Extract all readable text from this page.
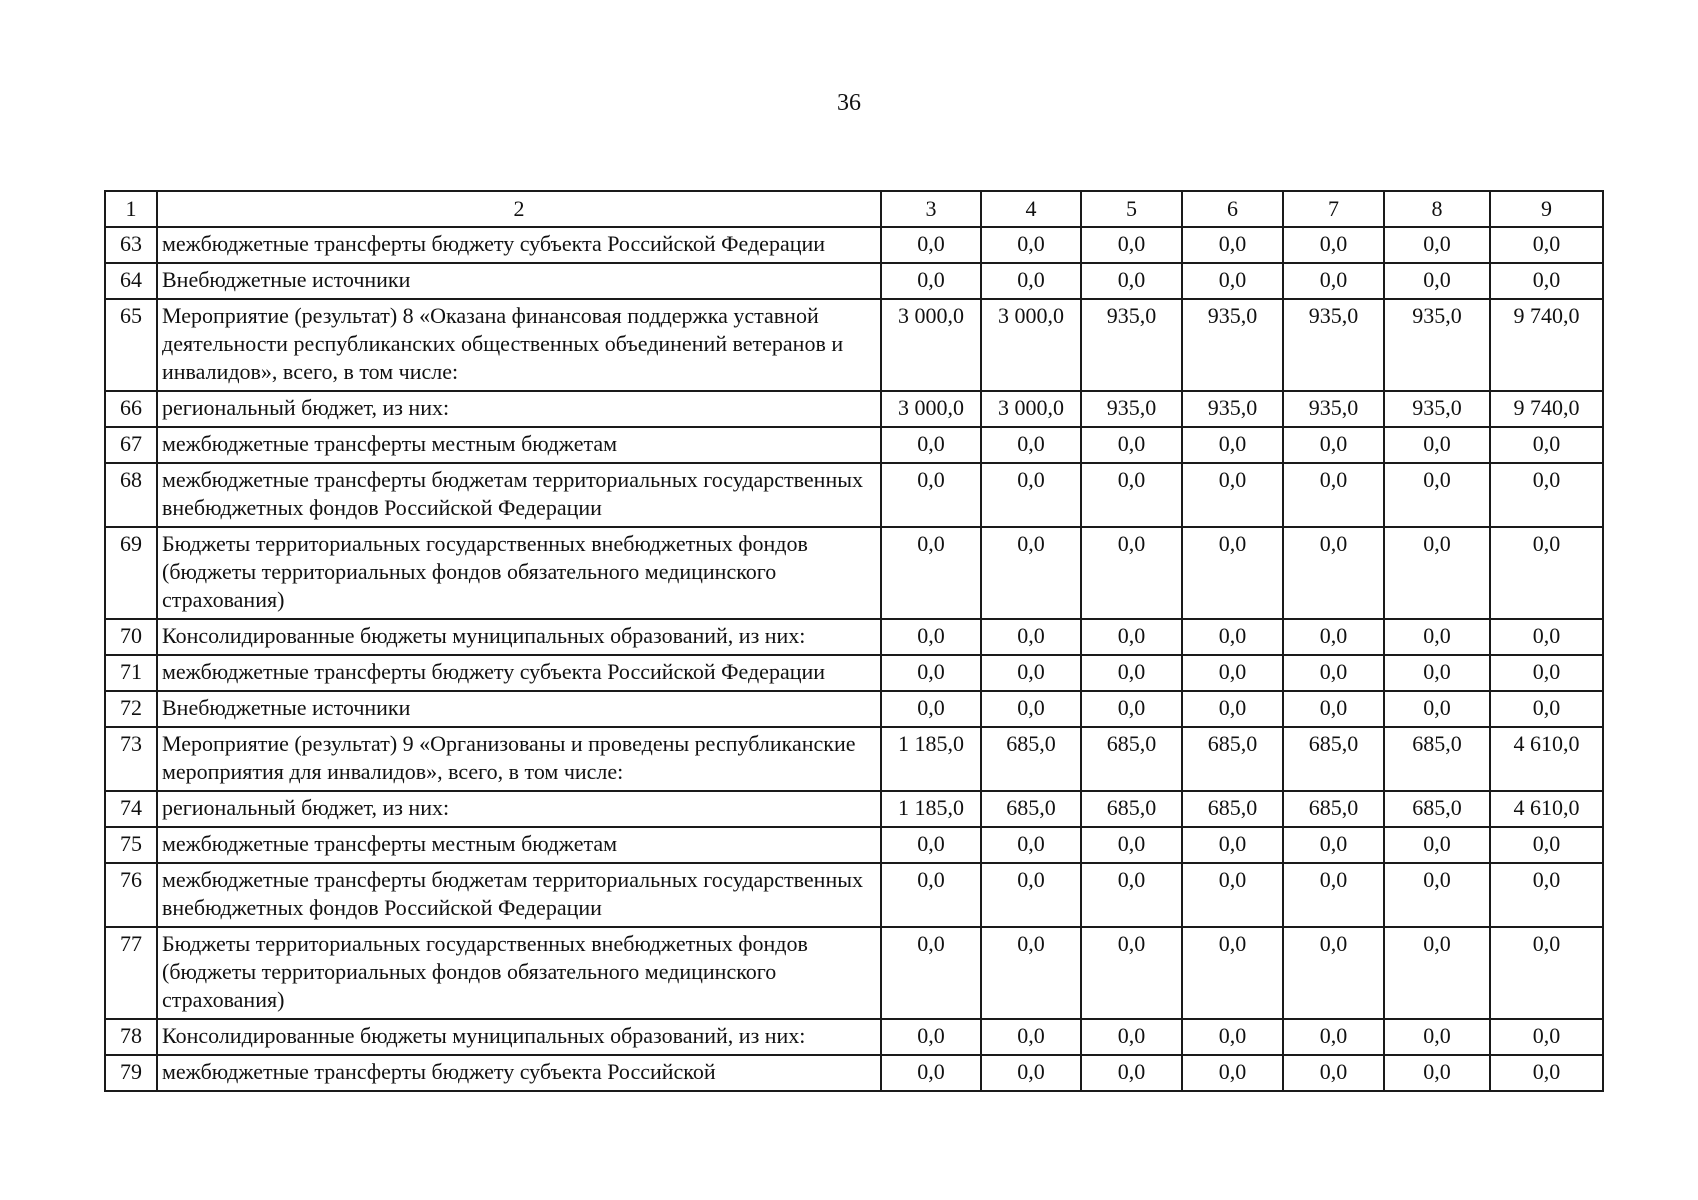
36
1	2	3	4	5	6	7	8	9
63	межбюджетные трансферты бюджету субъекта Российской Федерации	0,0	0,0	0,0	0,0	0,0	0,0	0,0
64	Внебюджетные источники	0,0	0,0	0,0	0,0	0,0	0,0	0,0
65	Мероприятие (результат) 8 «Оказана финансовая поддержка уставной деятельности республиканских общественных объединений ветеранов и инвалидов», всего, в том числе:	3 000,0	3 000,0	935,0	935,0	935,0	935,0	9 740,0
66	региональный бюджет, из них:	3 000,0	3 000,0	935,0	935,0	935,0	935,0	9 740,0
67	межбюджетные трансферты местным бюджетам	0,0	0,0	0,0	0,0	0,0	0,0	0,0
68	межбюджетные трансферты бюджетам территориальных государственных внебюджетных фондов Российской Федерации	0,0	0,0	0,0	0,0	0,0	0,0	0,0
69	Бюджеты территориальных государственных внебюджетных фондов (бюджеты территориальных фондов обязательного медицинского страхования)	0,0	0,0	0,0	0,0	0,0	0,0	0,0
70	Консолидированные бюджеты муниципальных образований, из них:	0,0	0,0	0,0	0,0	0,0	0,0	0,0
71	межбюджетные трансферты бюджету субъекта Российской Федерации	0,0	0,0	0,0	0,0	0,0	0,0	0,0
72	Внебюджетные источники	0,0	0,0	0,0	0,0	0,0	0,0	0,0
73	Мероприятие (результат) 9 «Организованы и проведены республиканские мероприятия для инвалидов», всего, в том числе:	1 185,0	685,0	685,0	685,0	685,0	685,0	4 610,0
74	региональный бюджет, из них:	1 185,0	685,0	685,0	685,0	685,0	685,0	4 610,0
75	межбюджетные трансферты местным бюджетам	0,0	0,0	0,0	0,0	0,0	0,0	0,0
76	межбюджетные трансферты бюджетам территориальных государственных внебюджетных фондов Российской Федерации	0,0	0,0	0,0	0,0	0,0	0,0	0,0
77	Бюджеты территориальных государственных внебюджетных фондов (бюджеты территориальных фондов обязательного медицинского страхования)	0,0	0,0	0,0	0,0	0,0	0,0	0,0
78	Консолидированные бюджеты муниципальных образований, из них:	0,0	0,0	0,0	0,0	0,0	0,0	0,0
79	межбюджетные трансферты бюджету субъекта Российской	0,0	0,0	0,0	0,0	0,0	0,0	0,0
